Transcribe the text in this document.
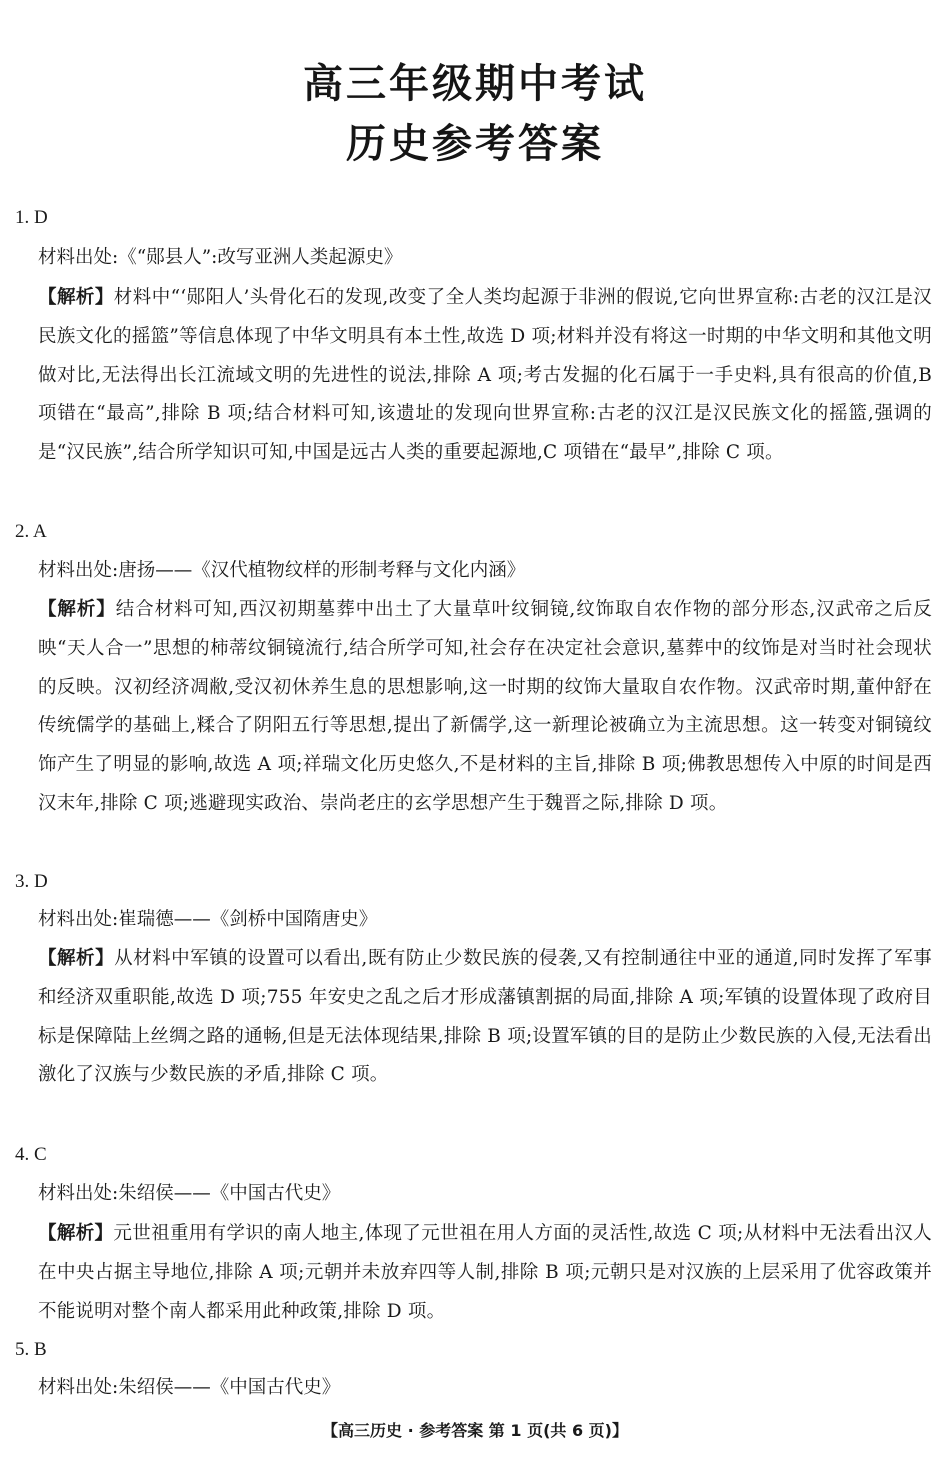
高三年级期中考试
历史参考答案
1. D
材料出处:《“郧县人”:改写亚洲人类起源史》
【解析】材料中“‘郧阳人’头骨化石的发现,改变了全人类均起源于非洲的假说,它向世界宣称:古老的汉江是汉民族文化的摇篮”等信息体现了中华文明具有本土性,故选 D 项;材料并没有将这一时期的中华文明和其他文明做对比,无法得出长江流域文明的先进性的说法,排除 A 项;考古发掘的化石属于一手史料,具有很高的价值,B 项错在“最高”,排除 B 项;结合材料可知,该遗址的发现向世界宣称:古老的汉江是汉民族文化的摇篮,强调的是“汉民族”,结合所学知识可知,中国是远古人类的重要起源地,C 项错在“最早”,排除 C 项。
2. A
材料出处:唐扬——《汉代植物纹样的形制考释与文化内涵》
【解析】结合材料可知,西汉初期墓葬中出土了大量草叶纹铜镜,纹饰取自农作物的部分形态,汉武帝之后反映“天人合一”思想的柿蒂纹铜镜流行,结合所学可知,社会存在决定社会意识,墓葬中的纹饰是对当时社会现状的反映。汉初经济凋敝,受汉初休养生息的思想影响,这一时期的纹饰大量取自农作物。汉武帝时期,董仲舒在传统儒学的基础上,糅合了阴阳五行等思想,提出了新儒学,这一新理论被确立为主流思想。这一转变对铜镜纹饰产生了明显的影响,故选 A 项;祥瑞文化历史悠久,不是材料的主旨,排除 B 项;佛教思想传入中原的时间是西汉末年,排除 C 项;逃避现实政治、崇尚老庄的玄学思想产生于魏晋之际,排除 D 项。
3. D
材料出处:崔瑞德——《剑桥中国隋唐史》
【解析】从材料中军镇的设置可以看出,既有防止少数民族的侵袭,又有控制通往中亚的通道,同时发挥了军事和经济双重职能,故选 D 项;755 年安史之乱之后才形成藩镇割据的局面,排除 A 项;军镇的设置体现了政府目标是保障陆上丝绸之路的通畅,但是无法体现结果,排除 B 项;设置军镇的目的是防止少数民族的入侵,无法看出激化了汉族与少数民族的矛盾,排除 C 项。
4. C
材料出处:朱绍侯——《中国古代史》
【解析】元世祖重用有学识的南人地主,体现了元世祖在用人方面的灵活性,故选 C 项;从材料中无法看出汉人在中央占据主导地位,排除 A 项;元朝并未放弃四等人制,排除 B 项;元朝只是对汉族的上层采用了优容政策并不能说明对整个南人都采用此种政策,排除 D 项。
5. B
材料出处:朱绍侯——《中国古代史》
【高三历史 · 参考答案 第 1 页(共 6 页)】
